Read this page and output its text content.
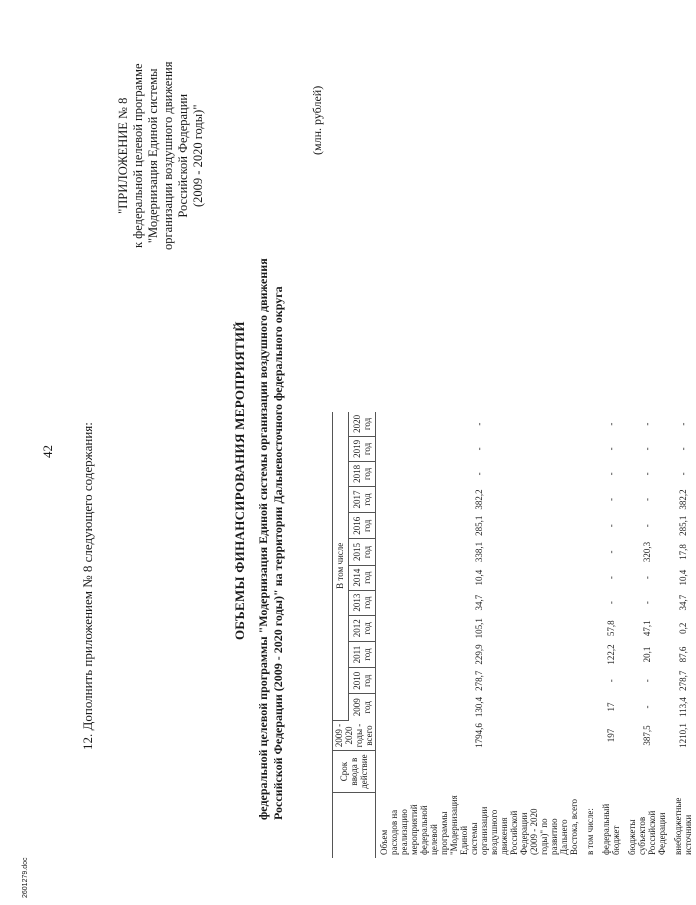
42 12. Дополнить приложением № 8 следующего содержания:
"ПРИЛОЖЕНИЕ № 8 к федеральной целевой программе "Модернизация Единой системы организации воздушного движения Российской Федерации (2009 - 2020 годы)"
ОБЪЕМЫ ФИНАНСИРОВАНИЯ МЕРОПРИЯТИЙ федеральной целевой программы "Модернизация Единой системы организации воздушного движения Российской Федерации (2009 - 2020 годы)" на территории Дальневосточного федерального округа
(млн. рублей)
	Срок ввода в действие	2009 - 2020 годы - всего	В том числе											
			2009 год	2010 год	2011 год	2012 год	2013 год	2014 год	2015 год	2016 год	2017 год	2018 год	2019 год	2020 год
Объем расходов на реализацию мероприятий федеральной целевой программы "Модернизация Единой системы организации воздушного движения Российской Федерации (2009 - 2020 годы)" по развитию Дальнего Востока, всего		1794,6	130,4	278,7	229,9	105,1	34,7	10,4	338,1	285,1	382,2	-	-	-
в том числе:														
федеральный бюджет		197	17	-	122,2	57,8	-	-	-	-	-	-	-	-
бюджеты субъектов Российской Федерации		387,5	-	-	20,1	47,1	-	-	320,3	-	-	-	-	-
внебюджетные источники		1210,1	113,4	278,7	87,6	0,2	34,7	10,4	17,8	285,1	382,2	-	-	-
2601279.doc
